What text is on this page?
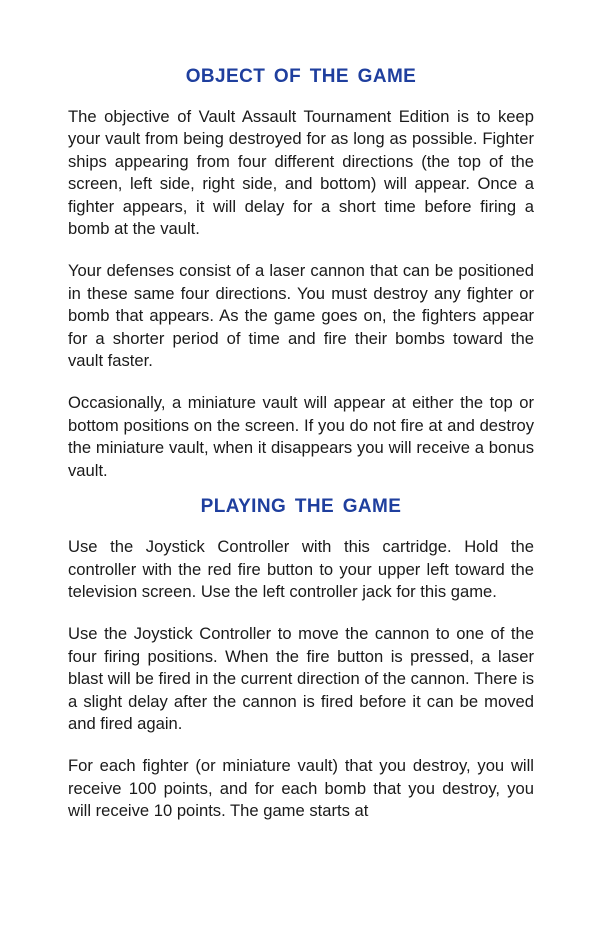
OBJECT OF THE GAME

The objective of Vault Assault Tournament Edition is to keep your vault from being destroyed for as long as possible. Fighter ships appearing from four different directions (the top of the screen, left side, right side, and bottom) will appear. Once a fighter appears, it will delay for a short time before firing a bomb at the vault.

Your defenses consist of a laser cannon that can be positioned in these same four directions. You must destroy any fighter or bomb that appears. As the game goes on, the fighters appear for a shorter period of time and fire their bombs toward the vault faster.

Occasionally, a miniature vault will appear at either the top or bottom positions on the screen. If you do not fire at and destroy the miniature vault, when it disappears you will receive a bonus vault.

PLAYING THE GAME

Use the Joystick Controller with this cartridge. Hold the controller with the red fire button to your upper left toward the television screen. Use the left controller jack for this game.

Use the Joystick Controller to move the cannon to one of the four firing positions. When the fire button is pressed, a laser blast will be fired in the current direction of the cannon. There is a slight delay after the cannon is fired before it can be moved and fired again.

For each fighter (or miniature vault) that you destroy, you will receive 100 points, and for each bomb that you destroy, you will receive 10 points. The game starts at
